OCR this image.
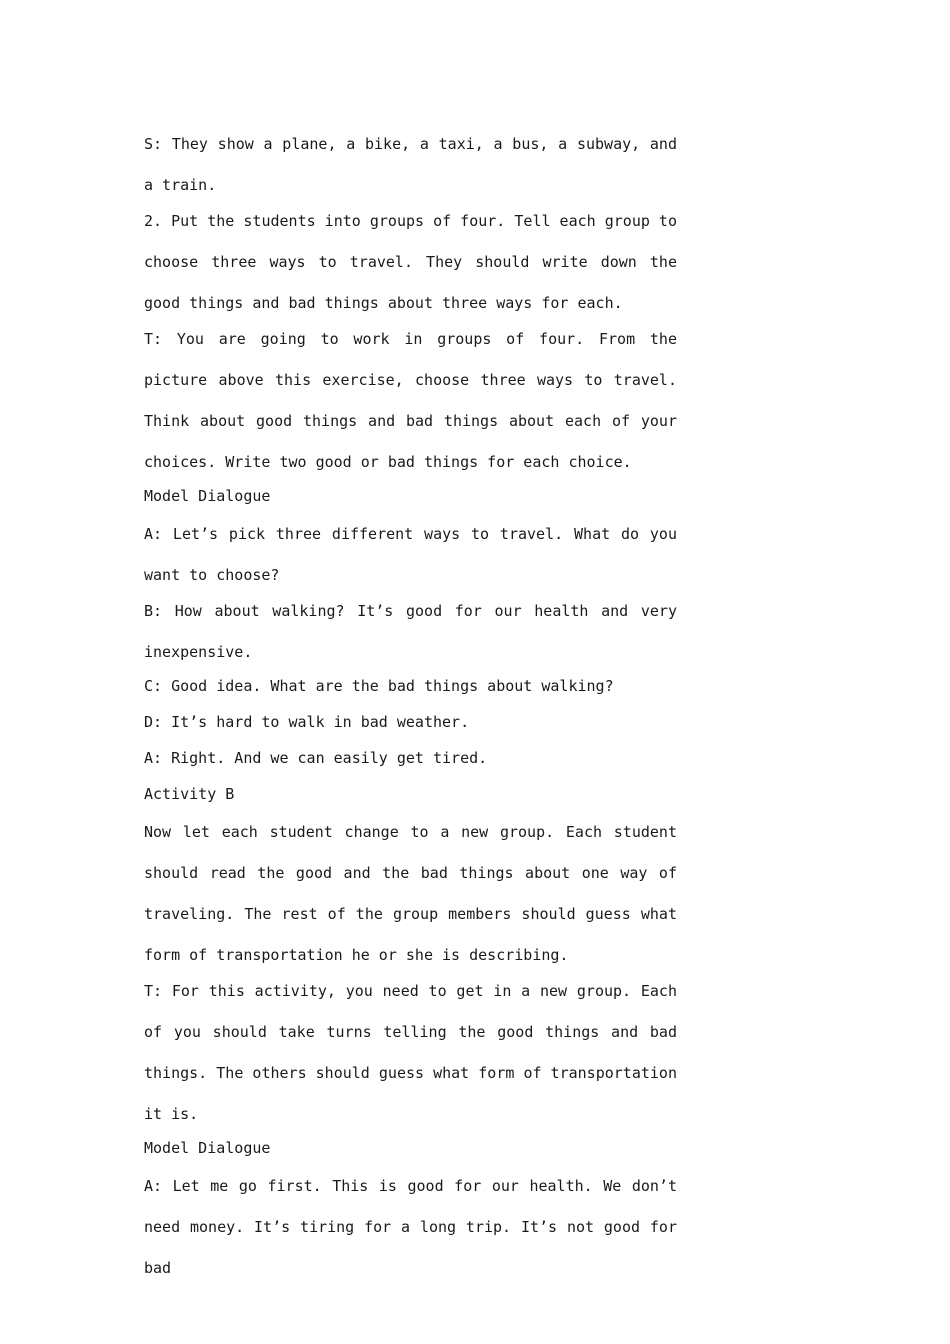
S: They show a plane, a bike, a taxi, a bus, a subway, and a train.

2. Put the students into groups of four. Tell each group to choose three ways to travel. They should write down the good things and bad things about three ways for each.

T: You are going to work in groups of four. From the picture above this exercise, choose three ways to travel. Think about good things and bad things about each of your choices. Write two good or bad things for each choice.

Model Dialogue

A: Let’s pick three different ways to travel. What do you want to choose?

B: How about walking? It’s good for our health and very inexpensive.

C: Good idea. What are the bad things about walking?

D: It’s hard to walk in bad weather.

A: Right. And we can easily get tired.

Activity B

Now let each student change to a new group. Each student should read the good and the bad things about one way of traveling. The rest of the group members should guess what form of transportation he or she is describing.

T: For this activity, you need to get in a new group. Each of you should take turns telling the good things and bad things. The others should guess what form of transportation it is.

Model Dialogue

A: Let me go first. This is good for our health. We don’t need money. It’s tiring for a long trip. It’s not good for bad
